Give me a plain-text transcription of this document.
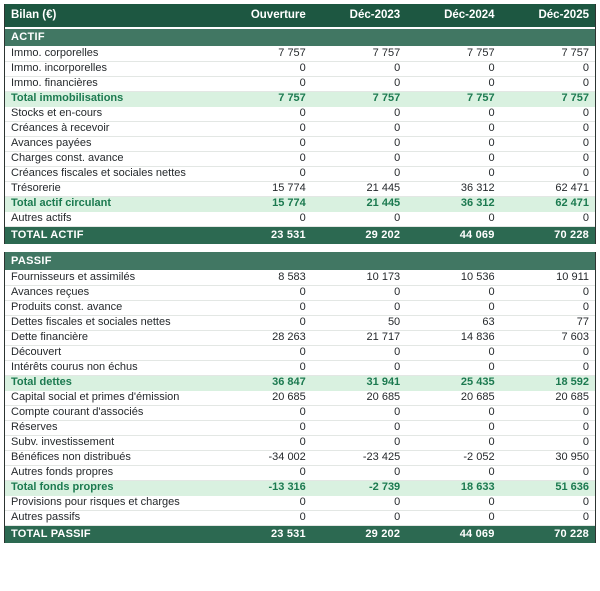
Bilan (€)	Ouverture	Déc-2023	Déc-2024	Déc-2025
ACTIF				
Immo. corporelles	7 757	7 757	7 757	7 757
Immo. incorporelles	0	0	0	0
Immo. financières	0	0	0	0
Total immobilisations	7 757	7 757	7 757	7 757
Stocks et en-cours	0	0	0	0
Créances à recevoir	0	0	0	0
Avances payées	0	0	0	0
Charges const. avance	0	0	0	0
Créances fiscales et sociales nettes	0	0	0	0
Trésorerie	15 774	21 445	36 312	62 471
Total actif circulant	15 774	21 445	36 312	62 471
Autres actifs	0	0	0	0
TOTAL ACTIF	23 531	29 202	44 069	70 228
PASSIF				
Fournisseurs et assimilés	8 583	10 173	10 536	10 911
Avances reçues	0	0	0	0
Produits const. avance	0	0	0	0
Dettes fiscales et sociales nettes	0	50	63	77
Dette financière	28 263	21 717	14 836	7 603
Découvert	0	0	0	0
Intérêts courus non échus	0	0	0	0
Total dettes	36 847	31 941	25 435	18 592
Capital social et primes d'émission	20 685	20 685	20 685	20 685
Compte courant d'associés	0	0	0	0
Réserves	0	0	0	0
Subv. investissement	0	0	0	0
Bénéfices non distribués	-34 002	-23 425	-2 052	30 950
Autres fonds propres	0	0	0	0
Total fonds propres	-13 316	-2 739	18 633	51 636
Provisions pour risques et charges	0	0	0	0
Autres passifs	0	0	0	0
TOTAL PASSIF	23 531	29 202	44 069	70 228
